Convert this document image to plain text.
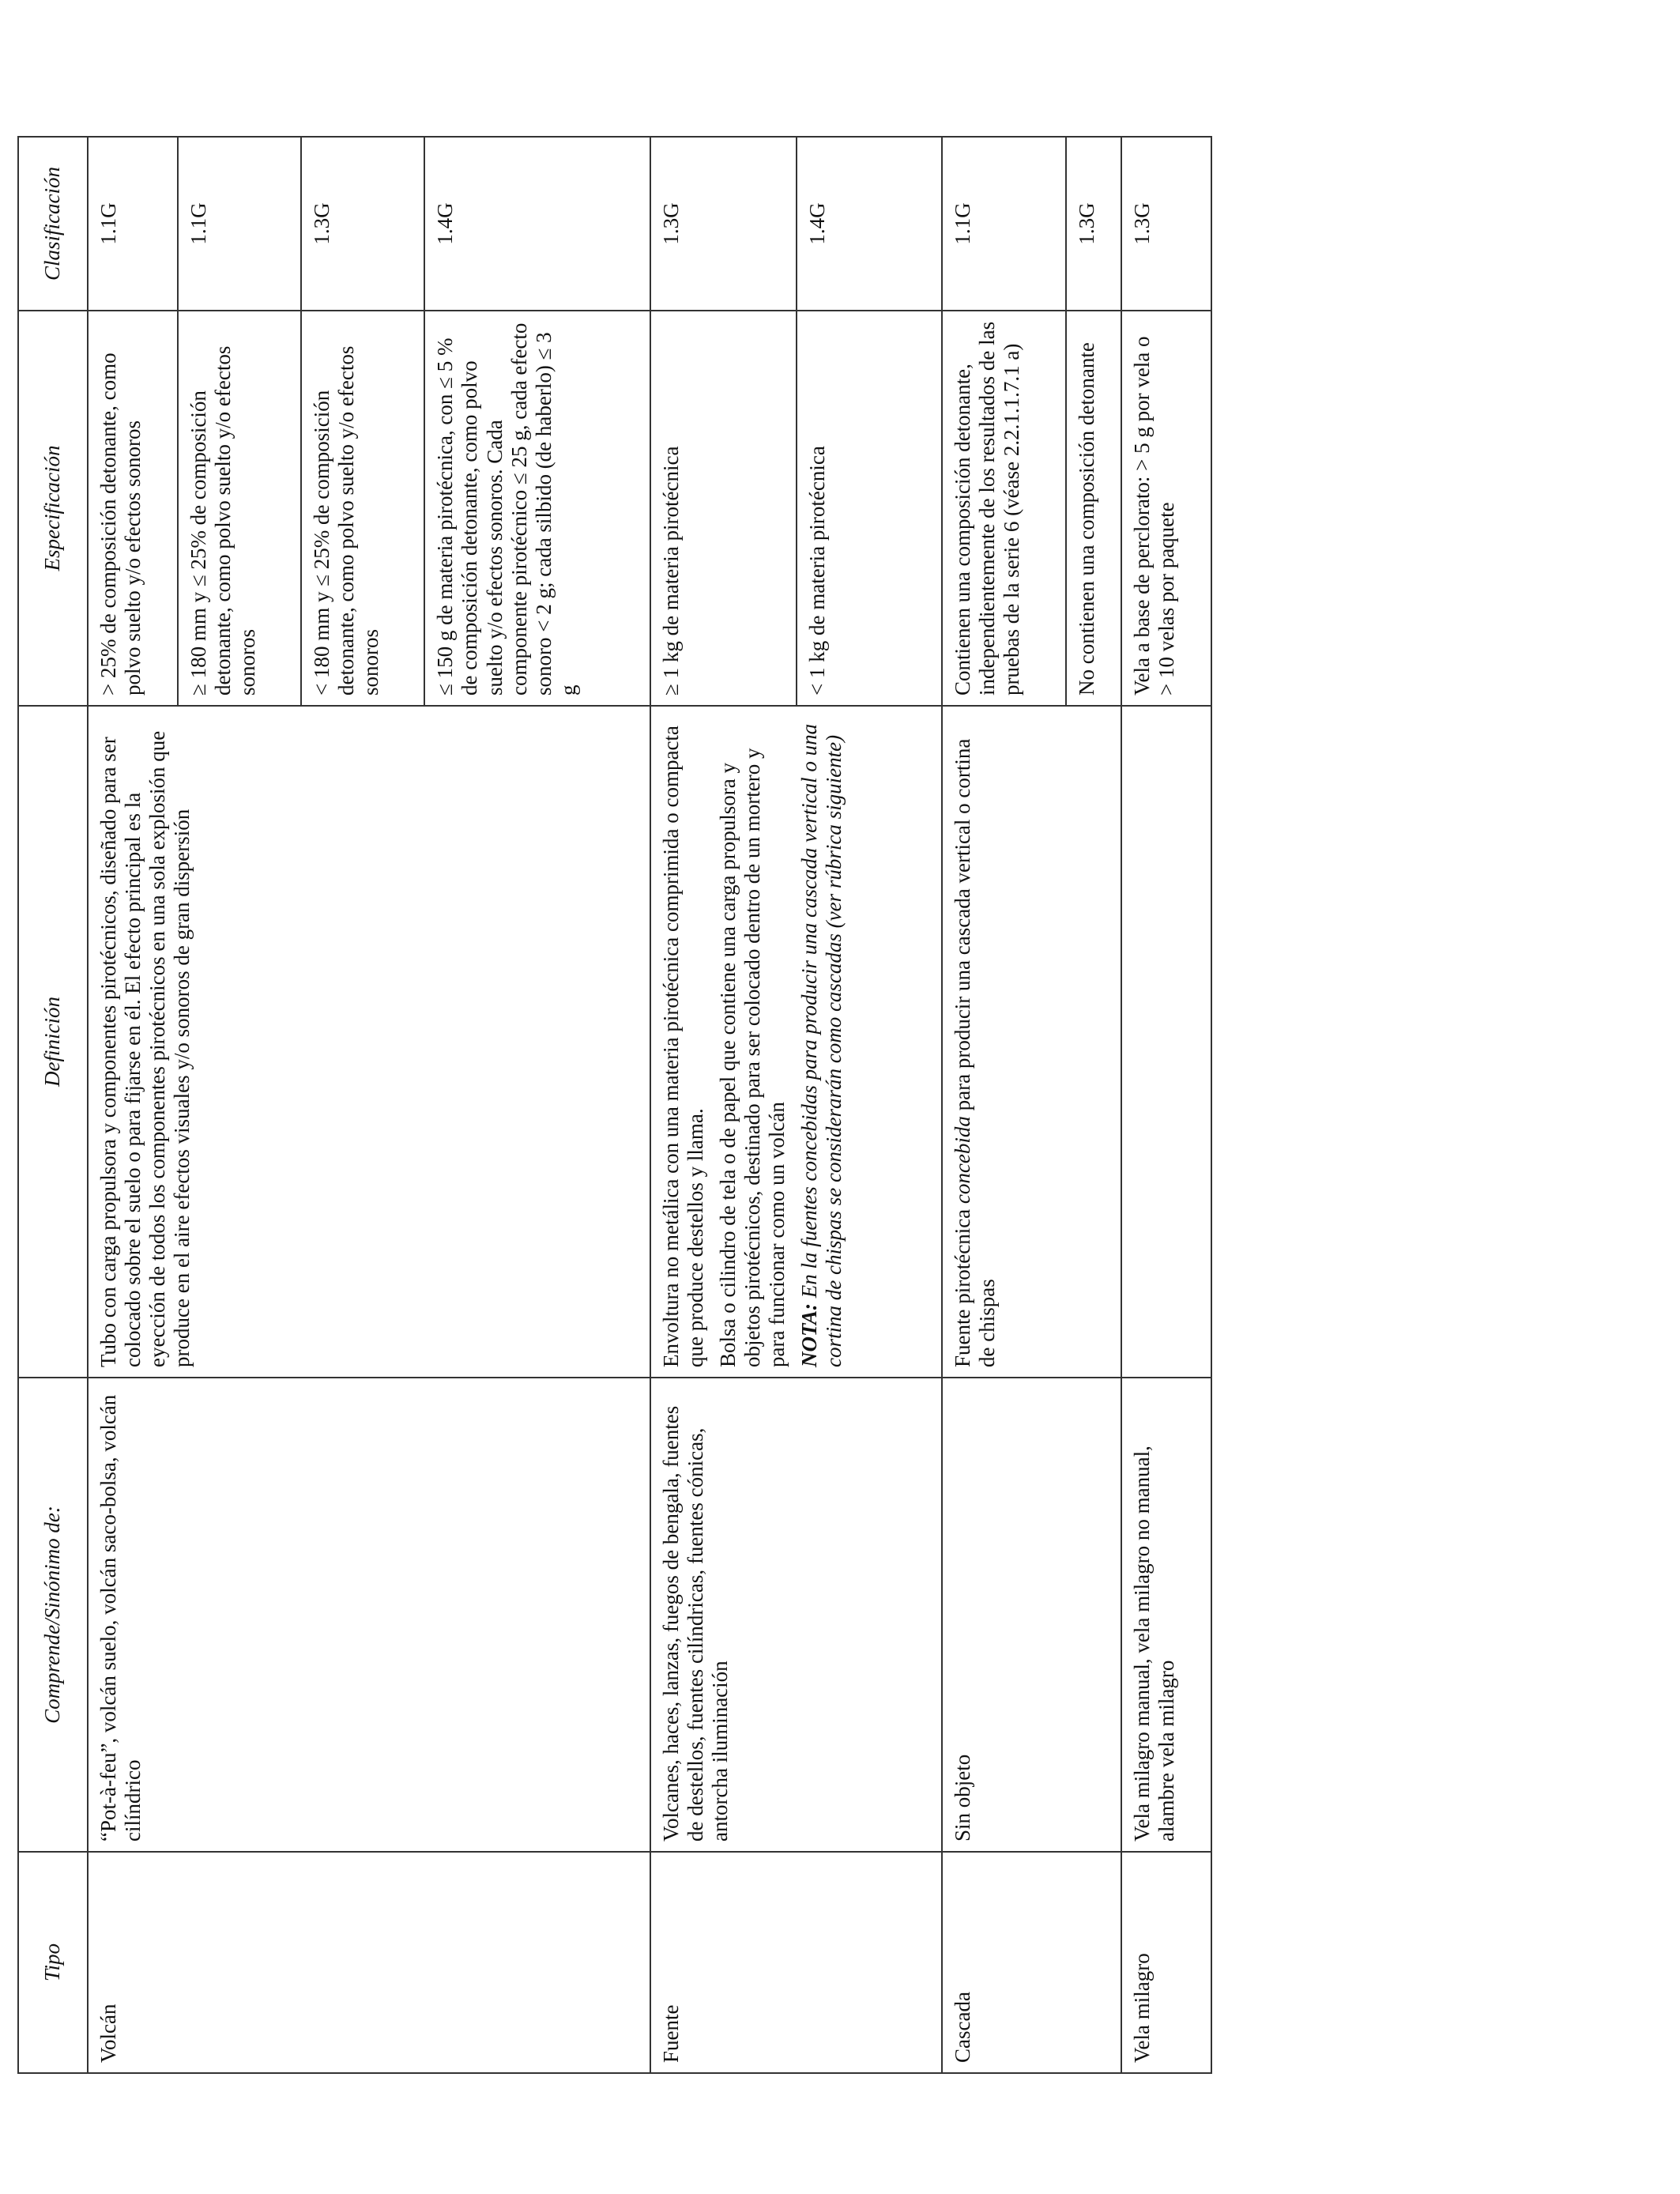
Tipo	Comprende/Sinónimo de:	Definición	Especificación	Clasificación
Volcán	“Pot-à-feu”, volcán suelo, volcán saco-bolsa, volcán cilíndrico	Tubo con carga propulsora y componentes pirotécnicos, diseñado para ser colocado sobre el suelo o para fijarse en él. El efecto principal es la eyección de todos los componentes pirotécnicos en una sola explosión que produce en el aire efectos visuales y/o sonoros de gran dispersión	> 25% de composición detonante, como polvo suelto y/o efectos sonoros	1.1G
			≥ 180 mm y ≤ 25% de composición detonante, como polvo suelto y/o efectos sonoros	1.1G
			< 180 mm y ≤ 25% de composición detonante, como polvo suelto y/o efectos sonoros	1.3G
			≤ 150 g de materia pirotécnica, con ≤ 5 % de composición detonante, como polvo suelto y/o efectos sonoros. Cada componente pirotécnico ≤ 25 g, cada efecto sonoro < 2 g; cada silbido (de haberlo) ≤ 3 g	1.4G
Fuente	Volcanes, haces, lanzas, fuegos de bengala, fuentes de destellos, fuentes cilíndricas, fuentes cónicas, antorcha iluminación	Envoltura no metálica con una materia pirotécnica comprimida o compacta que produce destellos y llama. Bolsa o cilindro de tela o de papel que contiene una carga propulsora y objetos pirotécnicos, destinado para ser colocado dentro de un mortero y para funcionar como un volcán NOTA: En la fuentes concebidas para producir una cascada vertical o una cortina de chispas se considerarán como cascadas (ver rúbrica siguiente)	≥ 1 kg de materia pirotécnica	1.3G
			< 1 kg de materia pirotécnica	1.4G
Cascada	Sin objeto	Fuente pirotécnica concebida para producir una cascada vertical o cortina de chispas	Contienen una composición detonante, independientemente de los resultados de las pruebas de la serie 6 (véase 2.2.1.1.7.1 a)	1.1G
			No contienen una composición detonante	1.3G
Vela milagro	Vela milagro manual, vela milagro no manual, alambre vela milagro		Vela a base de perclorato: > 5 g por vela o > 10 velas por paquete	1.3G
